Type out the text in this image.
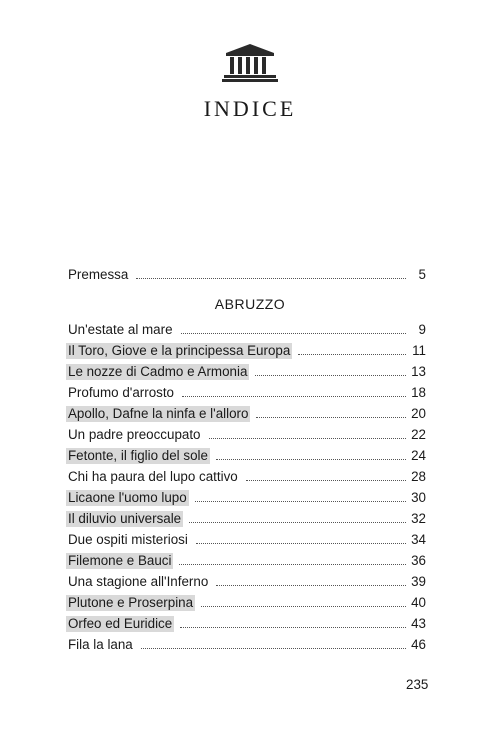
INDICE
Premessa	5
ABRUZZO
Un'estate al mare	9
Il Toro, Giove e la principessa Europa	11
Le nozze di Cadmo e Armonia	13
Profumo d'arrosto	18
Apollo, Dafne la ninfa e l'alloro	20
Un padre preoccupato	22
Fetonte, il figlio del sole	24
Chi ha paura del lupo cattivo	28
Licaone l'uomo lupo	30
Il diluvio universale	32
Due ospiti misteriosi	34
Filemone e Bauci	36
Una stagione all'Inferno	39
Plutone e Proserpina	40
Orfeo ed Euridice	43
Fila la lana	46
235
